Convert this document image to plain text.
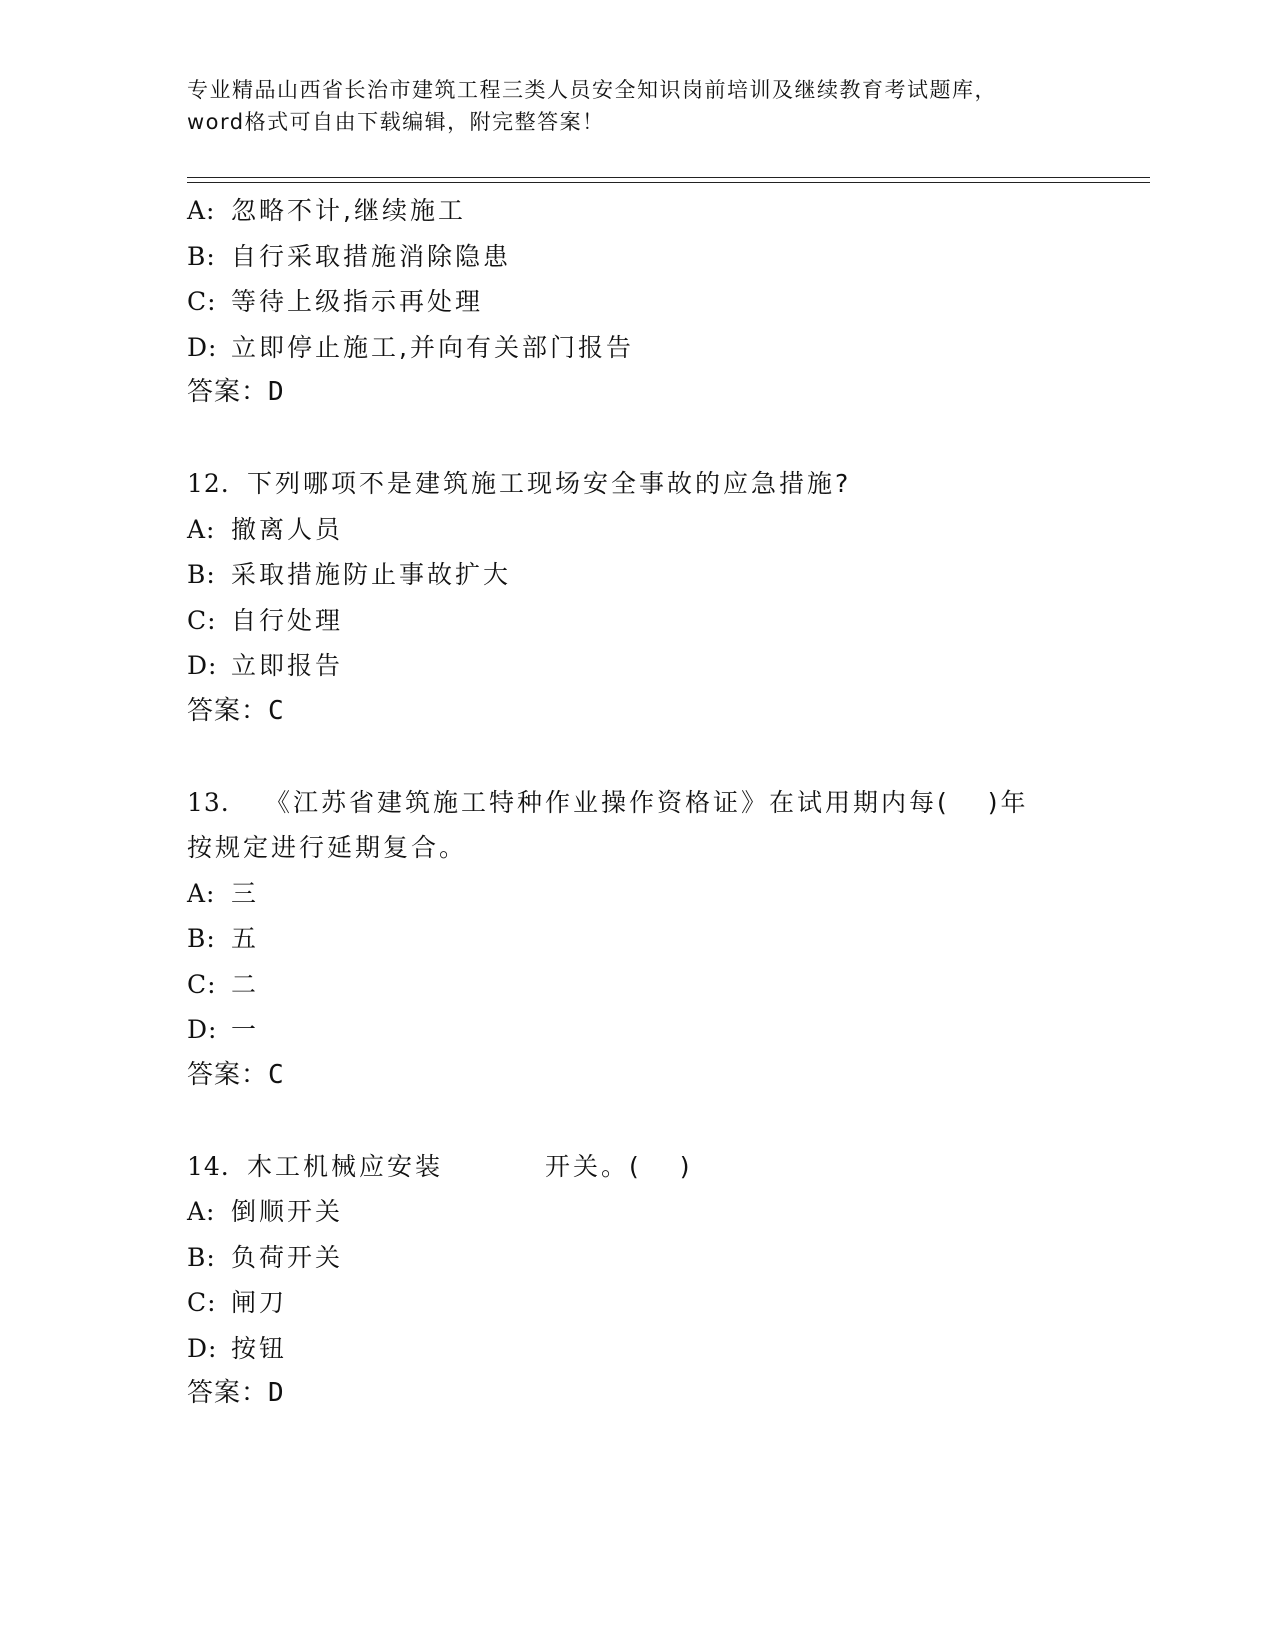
专业精品山西省长治市建筑工程三类人员安全知识岗前培训及继续教育考试题库，
word格式可自由下载编辑，附完整答案！
A: 忽略不计,继续施工
B: 自行采取措施消除隐患
C: 等待上级指示再处理
D: 立即停止施工,并向有关部门报告
答案：D
12. 下列哪项不是建筑施工现场安全事故的应急措施?
A: 撤离人员
B: 采取措施防止事故扩大
C: 自行处理
D: 立即报告
答案：C
13. 《江苏省建筑施工特种作业操作资格证》在试用期内每( )年
按规定进行延期复合。
A: 三
B: 五
C: 二
D: 一
答案：C
14. 木工机械应安装	开关。( )
A: 倒顺开关
B: 负荷开关
C: 闸刀
D: 按钮
答案：D
